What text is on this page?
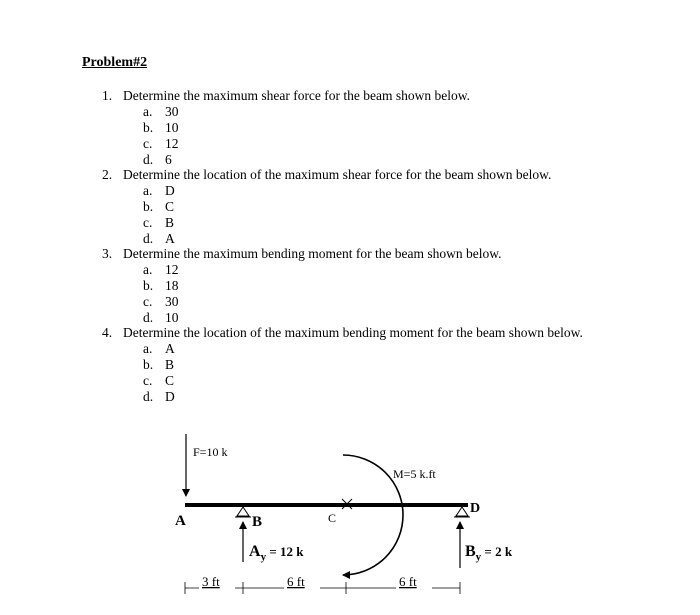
Problem#2
1. Determine the maximum shear force for the beam shown below.
a. 30
b. 10
c. 12
d. 6
2. Determine the location of the maximum shear force for the beam shown below.
a. D
b. C
c. B
d. A
3. Determine the maximum bending moment for the beam shown below.
a. 12
b. 18
c. 30
d. 10
4. Determine the location of the maximum bending moment for the beam shown below.
a. A
b. B
c. C
d. D
F=10 k
A	B	C
D
M=5 k.ft
$A_y$ $^{= 12 k}$	$B_y$ $^{= 2 k}$
3 ft	6 ft	6 ft
